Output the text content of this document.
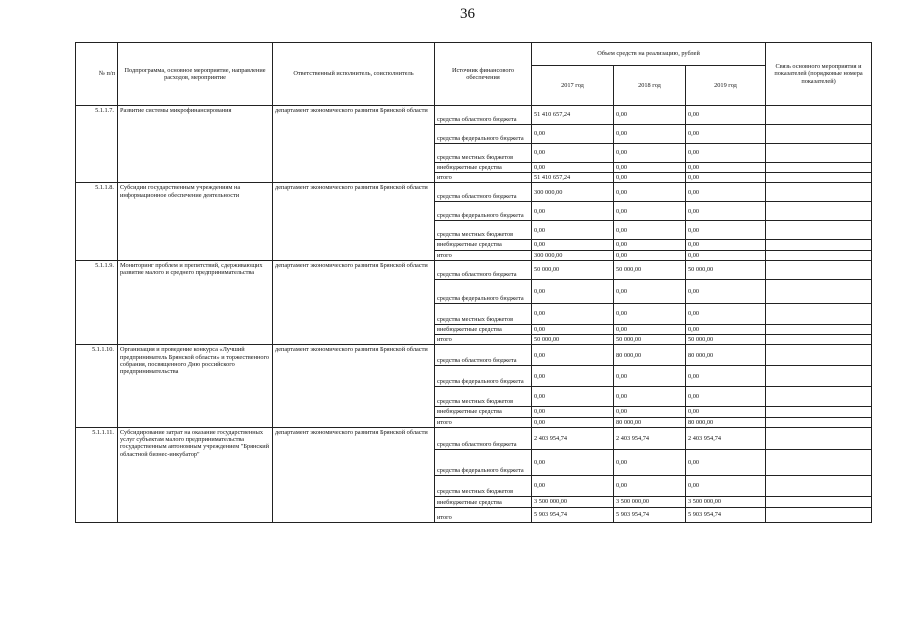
36
№ п/п	Подпрограмма, основное мероприятие, направление расходов, мероприятие	Ответственный исполнитель, соисполнитель	Источник финансового обеспечения	Объем средств на реализацию, рублей			Связь основного мероприятия и показателей (порядковые номера показателей)
				2017 год	2018 год	2019 год	
5.1.1.7.	Развитие системы микрофинансирования	департамент экономического развития Брянской области	средства областного бюджета	51 410 657,24	0,00	0,00	
			средства федерального бюджета	0,00	0,00	0,00	
			средства местных бюджетов	0,00	0,00	0,00	
			внебюджетные средства	0,00	0,00	0,00	
			итого	51 410 657,24	0,00	0,00	
5.1.1.8.	Субсидии государственным учреждениям на информационное обеспечение деятельности	департамент экономического развития Брянской области	средства областного бюджета	300 000,00	0,00	0,00	
			средства федерального бюджета	0,00	0,00	0,00	
			средства местных бюджетов	0,00	0,00	0,00	
			внебюджетные средства	0,00	0,00	0,00	
			итого	300 000,00	0,00	0,00	
5.1.1.9.	Мониторинг проблем и препятствий, сдерживающих развитие малого и среднего предпринимательства	департамент экономического развития Брянской области	средства областного бюджета	50 000,00	50 000,00	50 000,00	
			средства федерального бюджета	0,00	0,00	0,00	
			средства местных бюджетов	0,00	0,00	0,00	
			внебюджетные средства	0,00	0,00	0,00	
			итого	50 000,00	50 000,00	50 000,00	
5.1.1.10.	Организация и проведение конкурса «Лучший предприниматель Брянской области» и торжественного собрания, посвященного Дню российского предпринимательства	департамент экономического развития Брянской области	средства областного бюджета	0,00	80 000,00	80 000,00	
			средства федерального бюджета	0,00	0,00	0,00	
			средства местных бюджетов	0,00	0,00	0,00	
			внебюджетные средства	0,00	0,00	0,00	
			итого	0,00	80 000,00	80 000,00	
5.1.1.11.	Субсидирование затрат на оказание государственных услуг субъектам малого предпринимательства государственным автономным учреждением "Брянский областной бизнес-инкубатор"	департамент экономического развития Брянской области	средства областного бюджета	2 403 954,74	2 403 954,74	2 403 954,74	
			средства федерального бюджета	0,00	0,00	0,00	
			средства местных бюджетов	0,00	0,00	0,00	
			внебюджетные средства	3 500 000,00	3 500 000,00	3 500 000,00	
			итого	5 903 954,74	5 903 954,74	5 903 954,74	
